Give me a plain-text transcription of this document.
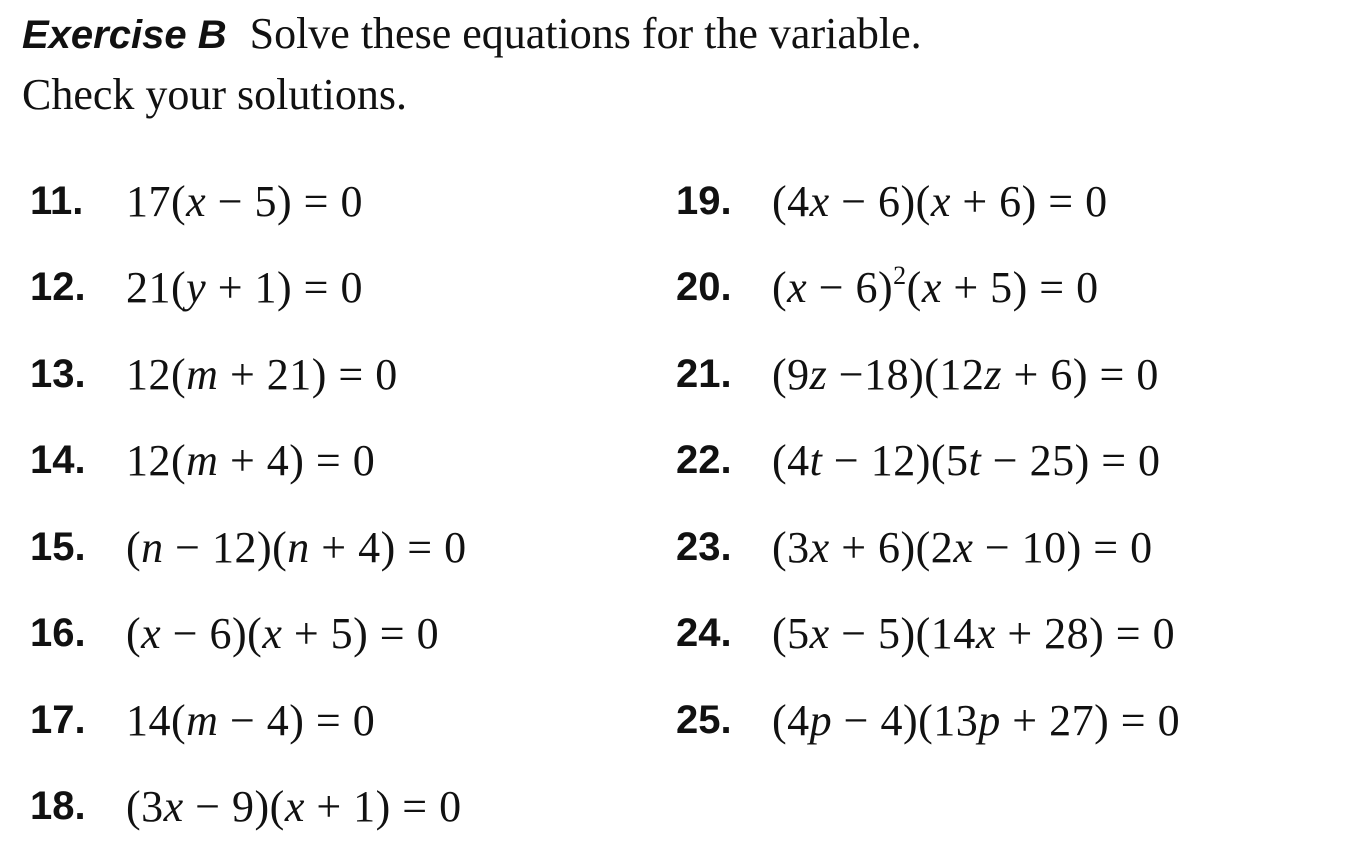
Exercise B Solve these equations for the variable.
Check your solutions.
11. 17(x − 5) = 0
12. 21(y + 1) = 0
13. 12(m + 21) = 0
14. 12(m + 4) = 0
15. (n − 12)(n + 4) = 0
16. (x − 6)(x + 5) = 0
17. 14(m − 4) = 0
18. (3x − 9)(x + 1) = 0
19. (4x − 6)(x + 6) = 0
20. $(x - 6)^2(x + 5) = 0$
21. (9z −18)(12z + 6) = 0
22. (4t − 12)(5t − 25) = 0
23. (3x + 6)(2x − 10) = 0
24. (5x − 5)(14x + 28) = 0
25. (4p − 4)(13p + 27) = 0
